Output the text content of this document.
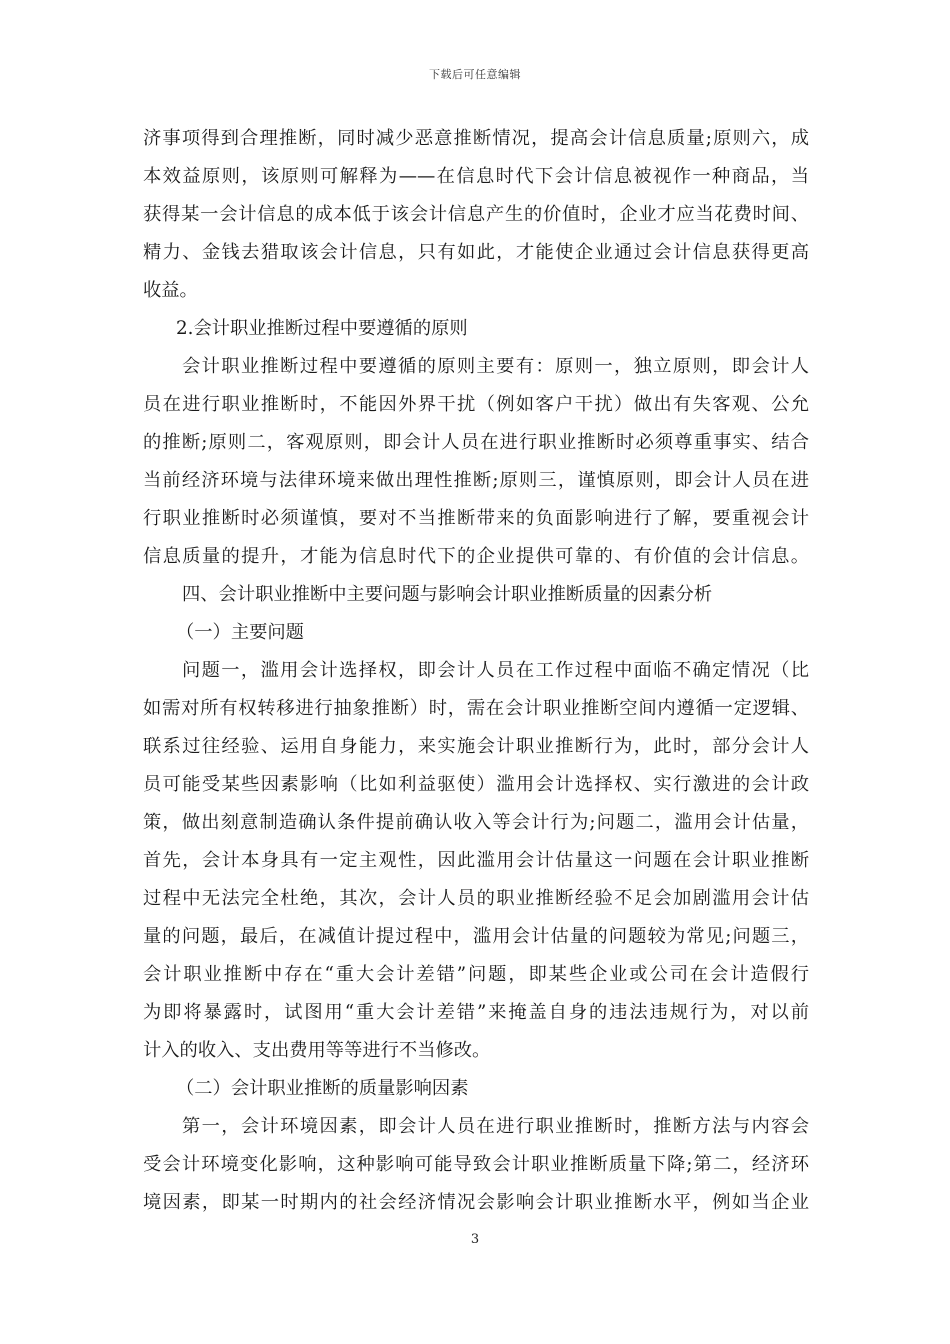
下载后可任意编辑
济事项得到合理推断，同时减少恶意推断情况，提高会计信息质量;原则六，成
本效益原则，该原则可解释为——在信息时代下会计信息被视作一种商品，当
获得某一会计信息的成本低于该会计信息产生的价值时，企业才应当花费时间、
精力、金钱去猎取该会计信息，只有如此，才能使企业通过会计信息获得更高
收益。
2.会计职业推断过程中要遵循的原则
会计职业推断过程中要遵循的原则主要有：原则一，独立原则，即会计人
员在进行职业推断时，不能因外界干扰（例如客户干扰）做出有失客观、公允
的推断;原则二，客观原则，即会计人员在进行职业推断时必须尊重事实、结合
当前经济环境与法律环境来做出理性推断;原则三，谨慎原则，即会计人员在进
行职业推断时必须谨慎，要对不当推断带来的负面影响进行了解，要重视会计
信息质量的提升，才能为信息时代下的企业提供可靠的、有价值的会计信息。
四、会计职业推断中主要问题与影响会计职业推断质量的因素分析
（一）主要问题
问题一，滥用会计选择权，即会计人员在工作过程中面临不确定情况（比
如需对所有权转移进行抽象推断）时，需在会计职业推断空间内遵循一定逻辑、
联系过往经验、运用自身能力，来实施会计职业推断行为，此时，部分会计人
员可能受某些因素影响（比如利益驱使）滥用会计选择权、实行激进的会计政
策，做出刻意制造确认条件提前确认收入等会计行为;问题二，滥用会计估量，
首先，会计本身具有一定主观性，因此滥用会计估量这一问题在会计职业推断
过程中无法完全杜绝，其次，会计人员的职业推断经验不足会加剧滥用会计估
量的问题，最后，在减值计提过程中，滥用会计估量的问题较为常见;问题三，
会计职业推断中存在“重大会计差错”问题，即某些企业或公司在会计造假行
为即将暴露时，试图用“重大会计差错”来掩盖自身的违法违规行为，对以前
计入的收入、支出费用等等进行不当修改。
（二）会计职业推断的质量影响因素
第一，会计环境因素，即会计人员在进行职业推断时，推断方法与内容会
受会计环境变化影响，这种影响可能导致会计职业推断质量下降;第二，经济环
境因素，即某一时期内的社会经济情况会影响会计职业推断水平，例如当企业
3
